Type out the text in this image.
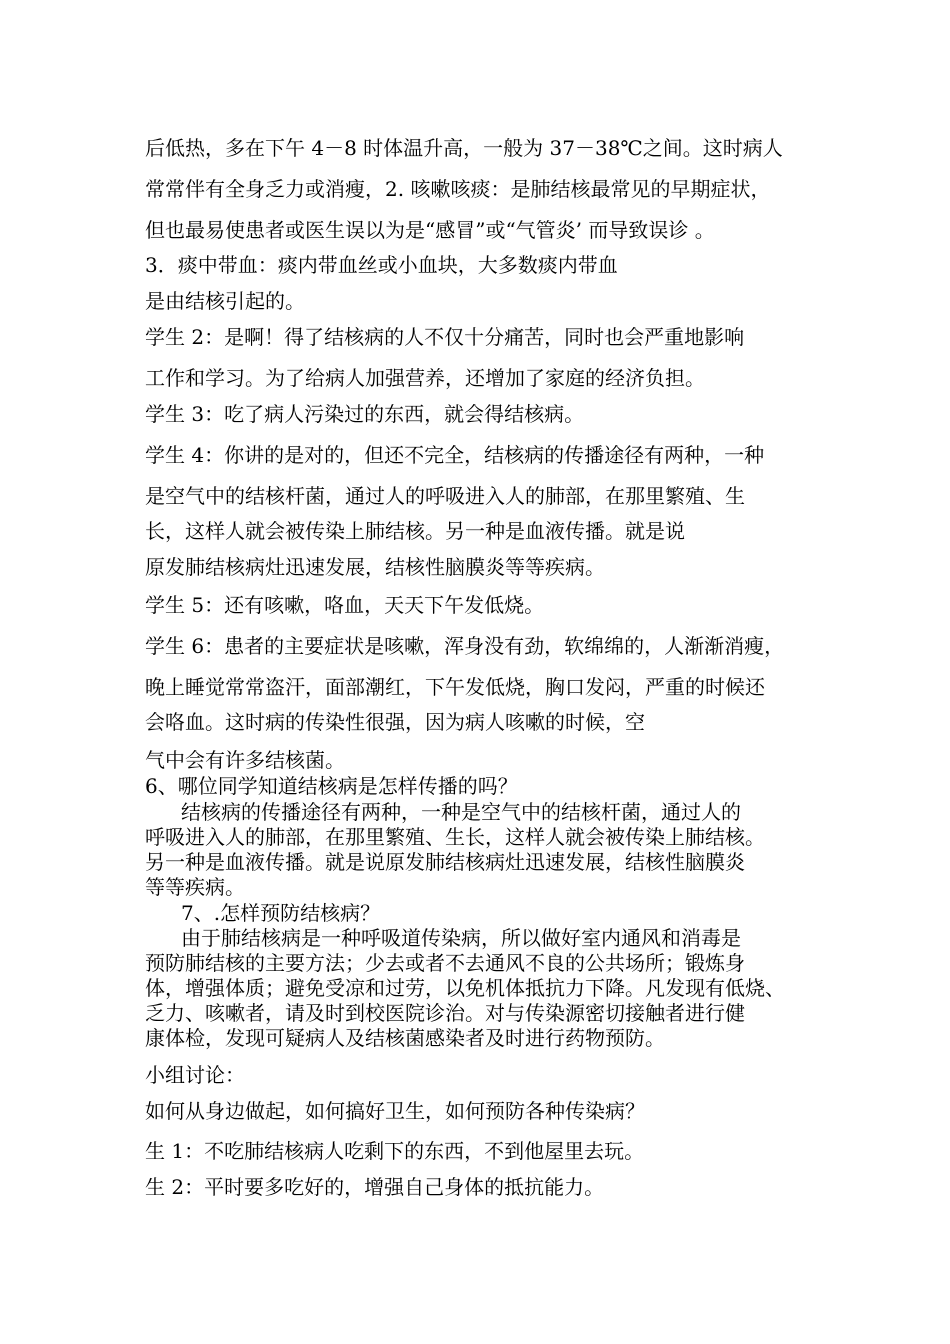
后低热，多在下午 4－8 时体温升高，一般为 37－38℃之间。这时病人
常常伴有全身乏力或消瘦，2. 咳嗽咳痰：是肺结核最常见的早期症状，
但也最易使患者或医生误以为是“感冒”或“气管炎’ 而导致误诊 。
3．痰中带血：痰内带血丝或小血块，大多数痰内带血
是由结核引起的。
学生 2：是啊！得了结核病的人不仅十分痛苦，同时也会严重地影响
工作和学习。为了给病人加强营养，还增加了家庭的经济负担。
学生 3：吃了病人污染过的东西，就会得结核病。
学生 4：你讲的是对的，但还不完全，结核病的传播途径有两种，一种
是空气中的结核杆菌，通过人的呼吸进入人的肺部，在那里繁殖、生
长，这样人就会被传染上肺结核。另一种是血液传播。就是说
原发肺结核病灶迅速发展，结核性脑膜炎等等疾病。
学生 5：还有咳嗽，咯血，天天下午发低烧。
学生 6：患者的主要症状是咳嗽，浑身没有劲，软绵绵的，人渐渐消瘦，
晚上睡觉常常盗汗，面部潮红，下午发低烧，胸口发闷，严重的时候还
会咯血。这时病的传染性很强，因为病人咳嗽的时候，空
气中会有许多结核菌。
6、哪位同学知道结核病是怎样传播的吗？
结核病的传播途径有两种，一种是空气中的结核杆菌，通过人的
呼吸进入人的肺部，在那里繁殖、生长，这样人就会被传染上肺结核。
另一种是血液传播。就是说原发肺结核病灶迅速发展，结核性脑膜炎
等等疾病。
7、.怎样预防结核病？
由于肺结核病是一种呼吸道传染病，所以做好室内通风和消毒是
预防肺结核的主要方法；少去或者不去通风不良的公共场所；锻炼身
体，增强体质；避免受凉和过劳，以免机体抵抗力下降。凡发现有低烧、
乏力、咳嗽者，请及时到校医院诊治。对与传染源密切接触者进行健
康体检，发现可疑病人及结核菌感染者及时进行药物预防。
小组讨论：
如何从身边做起，如何搞好卫生，如何预防各种传染病？
生 1：不吃肺结核病人吃剩下的东西，不到他屋里去玩。
生 2：平时要多吃好的，增强自己身体的抵抗能力。
